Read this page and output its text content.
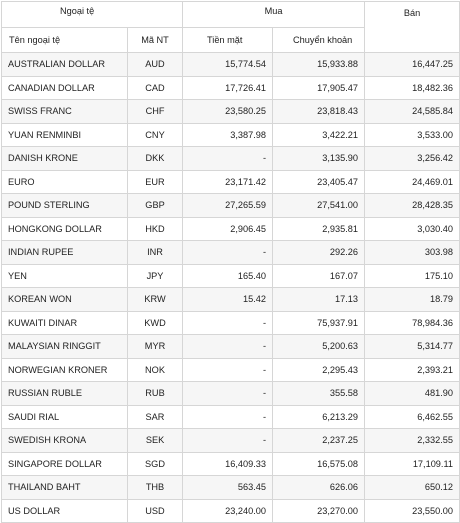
Ngoại tệ		Mua		Bán
Tên ngoại tệ	Mã NT	Tiền mặt	Chuyển khoản	
AUSTRALIAN DOLLAR	AUD	15,774.54	15,933.88	16,447.25
CANADIAN DOLLAR	CAD	17,726.41	17,905.47	18,482.36
SWISS FRANC	CHF	23,580.25	23,818.43	24,585.84
YUAN RENMINBI	CNY	3,387.98	3,422.21	3,533.00
DANISH KRONE	DKK	-	3,135.90	3,256.42
EURO	EUR	23,171.42	23,405.47	24,469.01
POUND STERLING	GBP	27,265.59	27,541.00	28,428.35
HONGKONG DOLLAR	HKD	2,906.45	2,935.81	3,030.40
INDIAN RUPEE	INR	-	292.26	303.98
YEN	JPY	165.40	167.07	175.10
KOREAN WON	KRW	15.42	17.13	18.79
KUWAITI DINAR	KWD	-	75,937.91	78,984.36
MALAYSIAN RINGGIT	MYR	-	5,200.63	5,314.77
NORWEGIAN KRONER	NOK	-	2,295.43	2,393.21
RUSSIAN RUBLE	RUB	-	355.58	481.90
SAUDI RIAL	SAR	-	6,213.29	6,462.55
SWEDISH KRONA	SEK	-	2,237.25	2,332.55
SINGAPORE DOLLAR	SGD	16,409.33	16,575.08	17,109.11
THAILAND BAHT	THB	563.45	626.06	650.12
US DOLLAR	USD	23,240.00	23,270.00	23,550.00
